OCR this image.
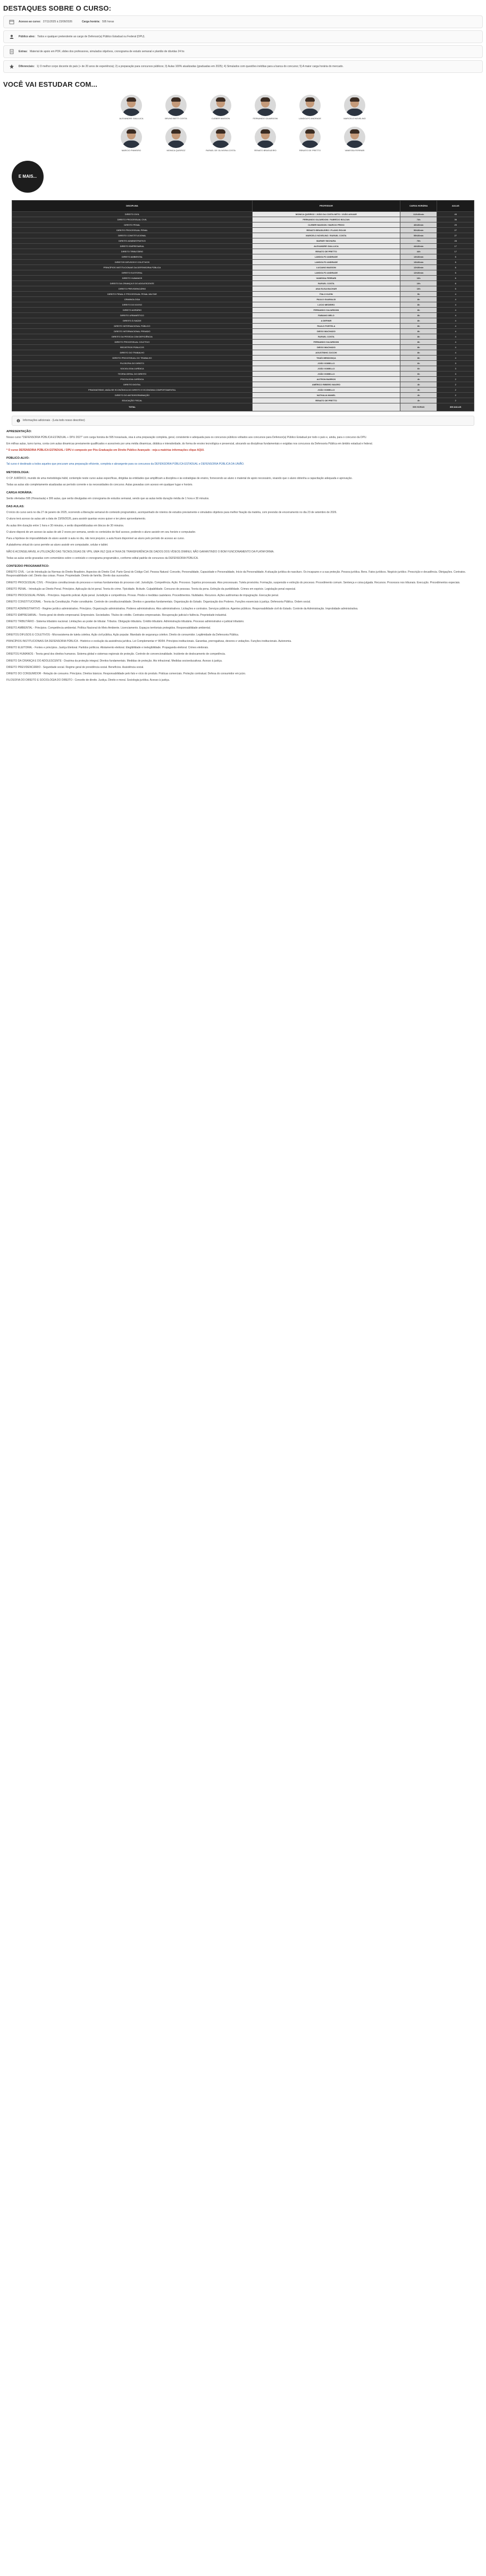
DESTAQUES SOBRE O CURSO:
Acesso ao curso: 27/11/2025 à 23/09/2026	Carga horária: 595 horas
Público alvo: Todos e qualquer pretendente ao cargo de Defensor(a) Público Estadual ou Federal (DPU).
Extras: Material de apoio em PDF, slides dos professores, simulados objetivos, cronograma de estudo semanal e plantão de dúvidas 24 hs
Diferenciais: 1) O melhor corpo docente do país (+ de 20 anos de experiência); 2) a preparação para concursos públicos; 3) Aulas 100% atualizadas (graduadas em 2025); 4) Simulados com questões inéditas para a banca do concurso; 5) A maior carga horária do mercado.
VOCÊ VAI ESTUDAR COM...
ALEXANDRE GIALLUCA	BRUNO BETTI COSTA	CLEBER MASSON	FERNANDO GAJARDONI	LANDOLFO ANDRADE	MARCELO NOVELINO
MARCIO PINHEIRO	MONICA QUEIROZ	RAFAEL DE OLIVEIRA COSTA	RENATO BRASILEIRO	RENATO DE PRETTO	VANESSA FERRARI
E MAIS...
DISCIPLINA	PROFESSOR	CARGA HORÁRIA	AULAS
DIREITO CIVIL	MONICA QUEIROZ / JOÃO DA COSTA NETO / JOÃO AGUIAR	112h30min	45
DIREITO PROCESSUAL CIVIL	FERNANDO GAJARDONI / FABRÍCIO BOLZAN	74h	36
DIREITO PENAL	CLEBER MASSON / MARCIO PRIGO	46h30min	29
DIREITO PROCESSUAL PENAL	RENATO BRASILEIRO / FLAVIO ROLIM	50h30min	27
DIREITO CONSTITUCIONAL	MARCELO NOVELINO / RAFAEL COSTA	55h30min	27
DIREITO ADMINISTRATIVO	BARNEY BICHARA	70h	28
DIREITO EMPRESARIAL	ALEXANDRE GIALLUCA	44h30min	17
DIREITO TRIBUTÁRIO	RENATO DE PRETTO	44h	17
DIREITO AMBIENTAL	LANDOLFO ANDRADE	13h30min	5
DIREITOS DIFUSOS E COLETIVOS	LANDOLFO ANDRADE	13h30min	5
PRINCÍPIOS INSTITUCIONAIS DA DEFENSORIA PÚBLICA	LUCIANO MASSON	12h30min	6
DIREITO ELEITORAL	LANDOLFO ANDRADE	12h30min	5
DIREITO HUMANOS	VANESSA FERRARI	10h	6
DIREITO DA CRIANÇA E DO ADOLESCENTE	RAFAEL COSTA	10h	6
DIREITO PREVIDENCIÁRIO	ANA ELISA BACHAR	10h	5
DIREITO PENAL E PROCESSUAL PENAL MILITAR	ÍTALO KLEIN	9h	4
CRIMINOLOGIA	PAULO GUARALDI	8h	4
DIREITO DO IDOSO	LUCIO MEDEIRO	8h	4
DIREITO AGRÁRIO	FERNANDO GAJARDONI	8h	4
DIREITO URBANÍSTICO	FABIANO MELO	8h	4
DIREITO À SAÚDE	A DEFINIR	8h	4
DIREITO INTERNACIONAL PÚBLICO	PAULO PORTELA	8h	4
DIREITO INTERNACIONAL PRIVADO	DIEGO MACHADO	8h	4
DIREITO DA PESSOA COM DEFICIÊNCIA	RAFAEL COSTA	8h	4
DIREITO PROCESSUAL COLETIVO	FERNANDO GAJARDONI	8h	4
REGISTROS PÚBLICOS	DIEGO MACHADO	8h	4
DIREITO DO TRABALHO	AGUSTINHO ZUCCHI	8h	4
DIREITO PROCESSUAL DO TRABALHO	THAÍS MENDONÇA	8h	4
FILOSOFIA DO DIREITO	JOÃO GOBELLO	6h	3
SOCIOLOGIA JURÍDICA	JOÃO GOBELLO	6h	3
TEORIA GERAL DO DIREITO	JOÃO GOBELLO	6h	3
PSICOLOGIA JURÍDICA	AUTRON BARROS	4h	2
DIREITO DIGITAL	AMÉRICO RIBEIRO MAGRO	4h	2
PRAGMATISMO, ANÁLISE ECONÔMICA DO DIREITO E ECONOMIA COMPORTAMENTAL	JOÃO GOBELLO	4h	2
DIREITO DO ANTIDISCRIMINAÇÃO	NATHALIA MANEL	4h	2
EDUCAÇÃO FISCAL	RENATO DE PRETTO	4h	2
TOTAL		595 HORAS	306 AULAS
Informações adicionais - (Leia todo nosso descritivo)
APRESENTAÇÃO:

Nosso curso "DEFENSORIA PÚBLICA ESTADUAL + DPU 2027" com carga horária de 595 horas/aula, visa à uma preparação completa, geral, consistente e adequada para os concursos públicos voltados aos concursos para Defensor(a) Público Estadual por todo o país e, ainda, para o concurso da DPU.

Em milhas aulas, turno turma, conta com aulas dinamicas previamente qualificados e acessíveis por uma média dinamicas, didática e interatividade, do forma de ensino tecnológica e presencial, alocando as disciplinas fundamentais e exigidas nos concursos da Defensoria Pública em âmbito estadual e federal.

* O curso DEFENSORIA PÚBLICA ESTADUAL / DPU é composto por Pós-Graduação em Direito Público Avançado - veja a matérias informações clique AQUI.

PÚBLICO-ALVO:

Tal curso é destinado a todos aqueles que procuram uma preparação eficiente, completa e abrangente para os concursos da DEFENSORIA PÚBLICA ESTADUAL e DEFENSORIA PÚBLICA DA UNIÃO.

METODOLOGIA:

O CP JURÍDICO, munido de uma metodologia hábil, contemple neste curso aulas específicas, dirigidas às entidades que amplificam a disciplina e às estratégias de ensino, fornecendo ao aluno o material de apoio necessário, visando que o aluno obtenha a capacitação adequada e aprovação.

Todas as aulas são completamente atualizadas ao período corrente e às necessidades do concurso. Aulas gravadas com acesso em qualquer lugar e horário.

CARGA HORÁRIA:

Serão ofertadas 595 (Horas/aula) e 306 aulas, que serão divulgadas em cronograma de estudos semanal, sendo que as aulas terão duração média de 1 hora e 30 minutos.

DAS AULAS:

O início do curso será no dia 27 de janeiro de 2025, ocorrendo a liberação semanal do conteúdo programático, acompanhado de roteiros de estudos previamente e simulados objetivos para melhor fixação da matéria, com previsão de encerramento no dia 23 de setembro de 2026.

O aluno terá acesso às aulas até a data de 23/09/2026, para assistir quantas vezes quiser e ter pleno aproveitamento.

As aulas têm duração entre 1 hora e 30 minutos, e serão disponibilizadas em blocos de 30 minutos.

O aluno disporá de um acesso às aulas de até 2 vezes por semana, sendo os conteúdos de fácil acesso, podendo o aluno assistir em seu horário e computador.

Para a hipótese de impossibilidade do aluno assistir à aula no dia, não terá prejuízo; a aula ficará disponível ao aluno pelo período de acesso ao curso.

A plataforma virtual do curso permite ao aluno assistir em computador, celular e tablet.

NÃO É ACONSELHÁVEL A UTILIZAÇÃO DAS TECNOLOGIAS DE VPN, UMA VEZ QUE A TAXA DE TRANSFERÊNCIA DE DADOS DOS VÍDEOS DIMINUI, NÃO GARANTINDO O BOM FUNCIONAMENTO DA PLATAFORMA.

Todas as aulas serão gravadas com comentários sobre o conteúdo e cronograma programático, conforme edital padrão de concursos da DEFENSORIA PÚBLICA.

CONTEÚDO PROGRAMÁTICO:

DIREITO CIVIL - Lei de Introdução às Normas do Direito Brasileiro. Aspectos do Direito Civil. Parte Geral do Código Civil. Pessoa Natural: Conceito, Personalidade, Capacidade e Personalidade, Início da Personalidade. A situação jurídica do nascituro. Os incapazes e a sua proteção. Pessoa jurídica. Bens. Fatos jurídicos. Negócio jurídico. Prescrição e decadência. Obrigações. Contratos. Responsabilidade civil. Direito das coisas. Posse. Propriedade. Direito de família. Direito das sucessões.

DIREITO PROCESSUAL CIVIL - Princípios constitucionais do processo e normas fundamentais do processo civil. Jurisdição. Competência. Ação. Processo. Sujeitos processuais. Atos processuais. Tutela provisória. Formação, suspensão e extinção do processo. Procedimento comum. Sentença e coisa julgada. Recursos. Processos nos tribunais. Execução. Procedimentos especiais.

DIREITO PENAL - Introdução ao Direito Penal. Princípios. Aplicação da lei penal. Teoria do crime. Tipicidade. Ilicitude. Culpabilidade. Concurso de pessoas. Teoria da pena. Extinção da punibilidade. Crimes em espécie. Legislação penal especial.

DIREITO PROCESSUAL PENAL - Princípios. Inquérito policial. Ação penal. Jurisdição e competência. Provas. Prisão e medidas cautelares. Procedimentos. Nulidades. Recursos. Ações autônomas de impugnação. Execução penal.

DIREITO CONSTITUCIONAL - Teoria da Constituição. Poder constituinte. Controle de constitucionalidade. Direitos e garantias fundamentais. Organização do Estado. Organização dos Poderes. Funções essenciais à justiça. Defensoria Pública. Ordem social.

DIREITO ADMINISTRATIVO - Regime jurídico administrativo. Princípios. Organização administrativa. Poderes administrativos. Atos administrativos. Licitações e contratos. Serviços públicos. Agentes públicos. Responsabilidade civil do Estado. Controle da Administração. Improbidade administrativa.

DIREITO EMPRESARIAL - Teoria geral do direito empresarial. Empresário. Sociedades. Títulos de crédito. Contratos empresariais. Recuperação judicial e falência. Propriedade industrial.

DIREITO TRIBUTÁRIO - Sistema tributário nacional. Limitações ao poder de tributar. Tributos. Obrigação tributária. Crédito tributário. Administração tributária. Processo administrativo e judicial tributário.

DIREITO AMBIENTAL - Princípios. Competência ambiental. Política Nacional do Meio Ambiente. Licenciamento. Espaços territoriais protegidos. Responsabilidade ambiental.

DIREITOS DIFUSOS E COLETIVOS - Microssistema de tutela coletiva. Ação civil pública. Ação popular. Mandado de segurança coletivo. Direito do consumidor. Legitimidade da Defensoria Pública.

PRINCÍPIOS INSTITUCIONAIS DA DEFENSORIA PÚBLICA - Histórico e evolução da assistência jurídica. Lei Complementar nº 80/94. Princípios institucionais. Garantias, prerrogativas, deveres e vedações. Funções institucionais. Autonomia.

DIREITO ELEITORAL - Fontes e princípios. Justiça Eleitoral. Partidos políticos. Alistamento eleitoral. Elegibilidade e inelegibilidade. Propaganda eleitoral. Crimes eleitorais.

DIREITOS HUMANOS - Teoria geral dos direitos humanos. Sistema global e sistemas regionais de proteção. Controle de convencionalidade. Incidente de deslocamento de competência.

DIREITO DA CRIANÇA E DO ADOLESCENTE - Doutrina da proteção integral. Direitos fundamentais. Medidas de proteção. Ato infracional. Medidas socioeducativas. Acesso à justiça.

DIREITO PREVIDENCIÁRIO - Seguridade social. Regime geral de previdência social. Benefícios. Assistência social.

DIREITO DO CONSUMIDOR - Relação de consumo. Princípios. Direitos básicos. Responsabilidade pelo fato e vício do produto. Práticas comerciais. Proteção contratual. Defesa do consumidor em juízo.

FILOSOFIA DO DIREITO E SOCIOLOGIA DO DIREITO - Conceito de direito. Justiça. Direito e moral. Sociologia jurídica. Acesso à justiça.
